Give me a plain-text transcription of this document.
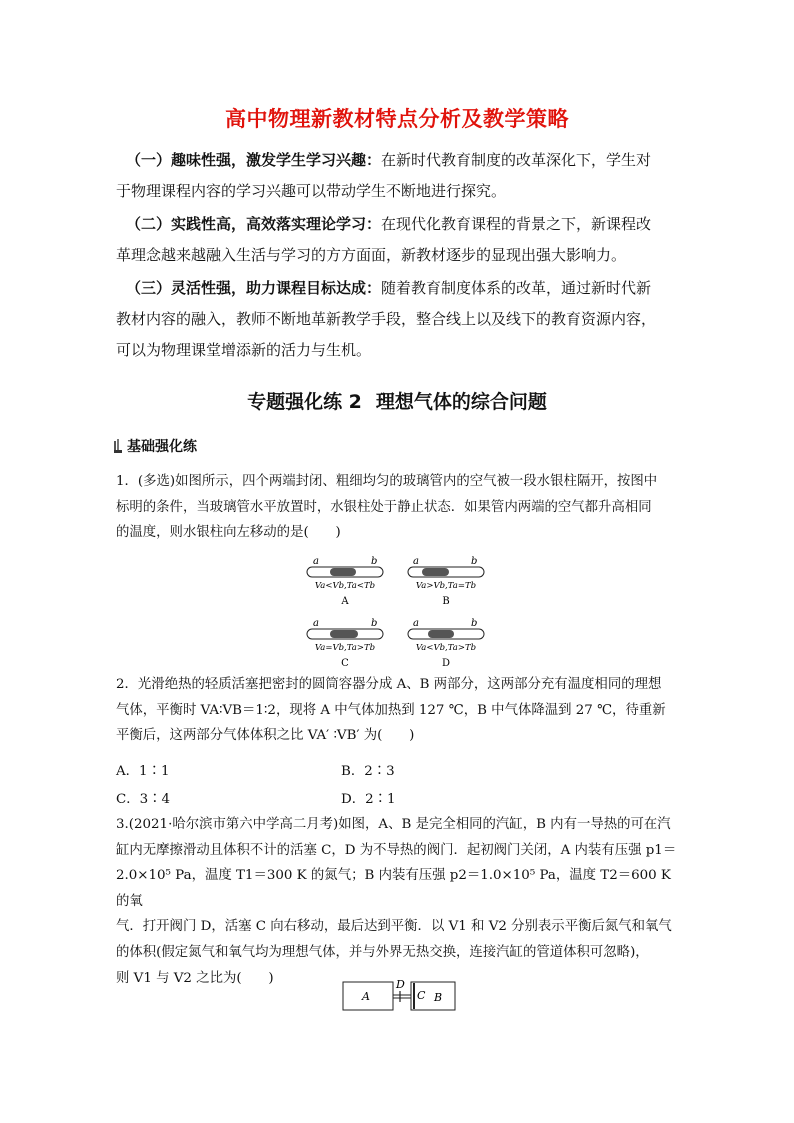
高中物理新教材特点分析及教学策略

（一）趣味性强，激发学生学习兴趣：在新时代教育制度的改革深化下，学生对
于物理课程内容的学习兴趣可以带动学生不断地进行探究。

（二）实践性高，高效落实理论学习：在现代化教育课程的背景之下，新课程改
革理念越来越融入生活与学习的方方面面，新教材逐步的显现出强大影响力。

（三）灵活性强，助力课程目标达成：随着教育制度体系的改革，通过新时代新
教材内容的融入，教师不断地革新教学手段，整合线上以及线下的教育资源内容，
可以为物理课堂增添新的活力与生机。

专题强化练 2 理想气体的综合问题
基础强化练

1．(多选)如图所示，四个两端封闭、粗细均匀的玻璃管内的空气被一段水银柱隔开，按图中
标明的条件，当玻璃管水平放置时，水银柱处于静止状态．如果管内两端的空气都升高相同
的温度，则水银柱向左移动的是(　　)

a	b
Va<Vb,Ta<Tb
A
a	b
Va>Vb,Ta=Tb
B
a	b
Va=Vb,Ta>Tb
C
a	b
Va<Vb,Ta>Tb
D

2．光滑绝热的轻质活塞把密封的圆筒容器分成 A、B 两部分，这两部分充有温度相同的理想
气体，平衡时 VA∶VB＝1∶2，现将 A 中气体加热到 127 ℃，B 中气体降温到 27 ℃，待重新
平衡后，这两部分气体体积之比 VA′ ∶VB′ 为(　　)

A．1∶1	B．2∶3
C．3∶4	D．2∶1

3.(2021·哈尔滨市第六中学高二月考)如图，A、B 是完全相同的汽缸，B 内有一导热的可在汽
缸内无摩擦滑动且体积不计的活塞 C，D 为不导热的阀门．起初阀门关闭，A 内装有压强 p1＝
2.0×10⁵ Pa，温度 T1＝300 K 的氮气；B 内装有压强 p2＝1.0×10⁵ Pa，温度 T2＝600 K 的氧
气．打开阀门 D，活塞 C 向右移动，最后达到平衡．以 V1 和 V2 分别表示平衡后氮气和氧气
的体积(假定氮气和氧气均为理想气体，并与外界无热交换，连接汽缸的管道体积可忽略)，
则 V1 与 V2 之比为(　　)

A
D
C B
